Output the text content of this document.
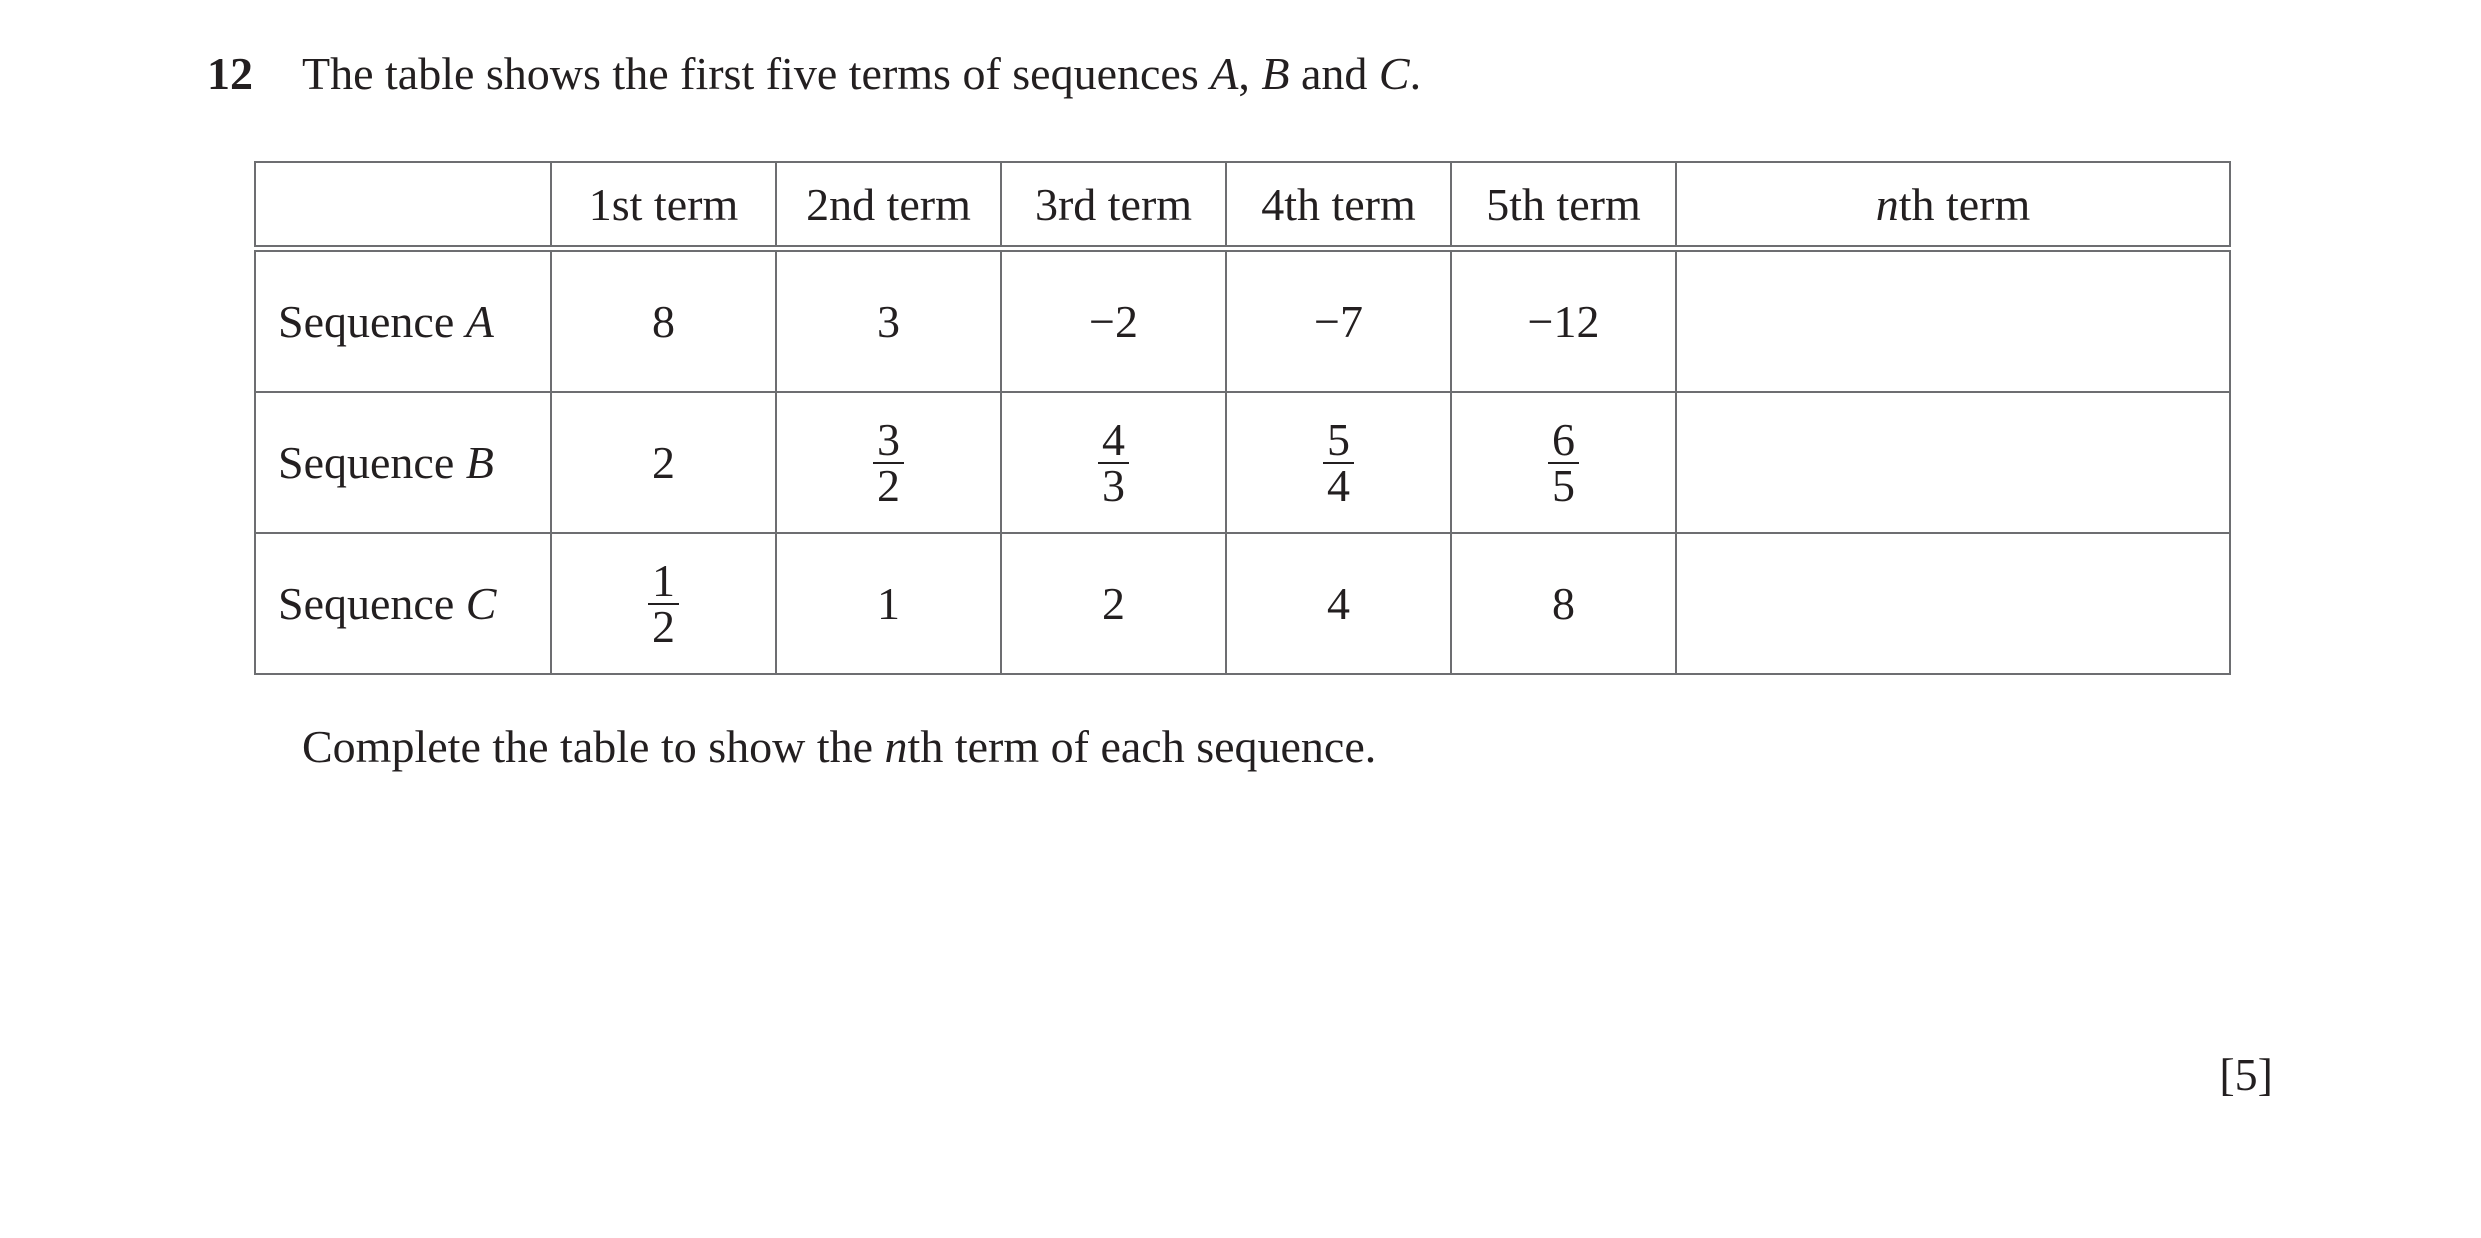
12 The table shows the first five terms of sequences A, B and C.
	1st term	2nd term	3rd term	4th term	5th term	nth term
Sequence A	8	3	−2	−7	−12	
Sequence B	2	$\frac{3}{2}$	$\frac{4}{3}$	$\frac{5}{4}$	$\frac{6}{5}$

Sequence C	$\frac{1}{2}$	1	2	4	8	
Complete the table to show the nth term of each sequence.
[5]
